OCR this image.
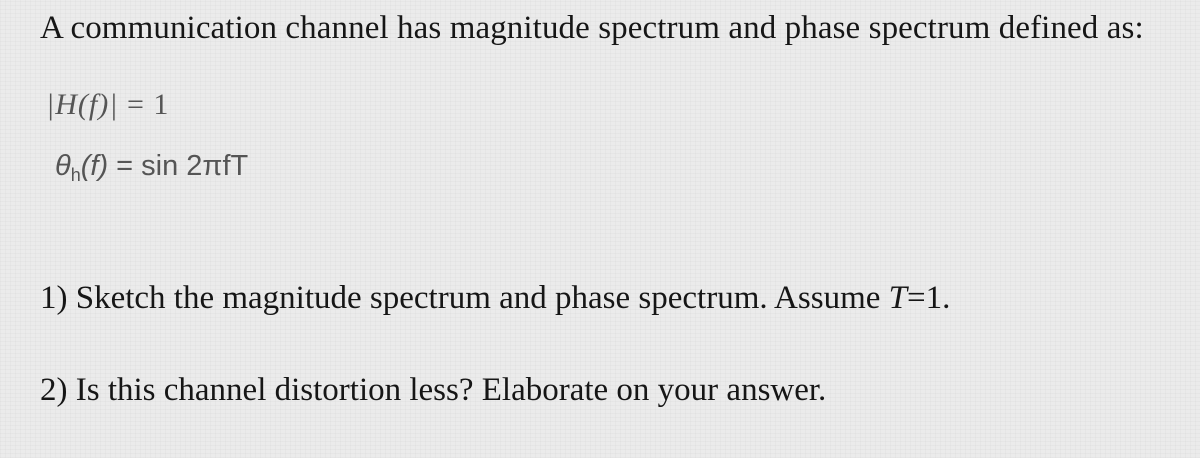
A communication channel has magnitude spectrum and phase spectrum defined as:
|H(f)| = 1
$\theta_h(f) = \sin 2\pi fT$
1) Sketch the magnitude spectrum and phase spectrum. Assume T=1.
2) Is this channel distortion less? Elaborate on your answer.
